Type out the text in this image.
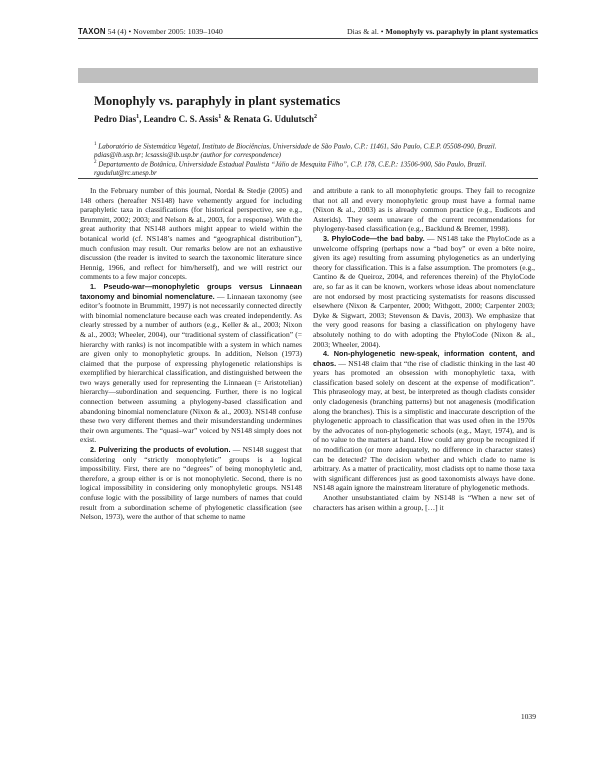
TAXON 54 (4) • November 2005: 1039–1040	Dias & al. • Monophyly vs. paraphyly in plant systematics
Monophyly vs. paraphyly in plant systematics
Pedro Dias$^1$, Leandro C. S. Assis$^1$ & Renata G. Udulutsch$^2$
$^1$ Laboratório de Sistemática Vegetal, Instituto de Biociências, Universidade de São Paulo, C.P.: 11461, São Paulo, C.E.P. 05508-090, Brazil. pdias@ib.usp.br; lcsassis@ib.usp.br (author for correspondence)
$^2$ Departamento de Botânica, Universidade Estadual Paulista “Júlio de Mesquita Filho”, C.P. 178, C.E.P.: 13506-900, São Paulo, Brazil. rgudulut@rc.unesp.br

In the February number of this journal, Nordal & Stedje (2005) and 148 others (hereafter NS148) have vehemently argued for including paraphyletic taxa in classifications (for historical perspective, see e.g., Brummitt, 2002; 2003; and Nelson & al., 2003, for a response). With the great authority that NS148 authors might appear to wield within the botanical world (cf. NS148’s names and “geographical distribution”), much confusion may result. Our remarks below are not an exhaustive discussion (the reader is invited to search the taxonomic literature since Hennig, 1966, and reflect for him/herself), and we will restrict our comments to a few major concepts.

1. Pseudo-war—monophyletic groups versus Linnaean taxonomy and binomial nomenclature. — Linnaean taxonomy (see editor’s footnote in Brummitt, 1997) is not necessarily connected directly with binomial nomenclature because each was created independently. As clearly stressed by a number of authors (e.g., Keller & al., 2003; Nixon & al., 2003; Wheeler, 2004), our “traditional system of classification” (= hierarchy with ranks) is not incompatible with a system in which names are given only to monophyletic groups. In addition, Nelson (1973) claimed that the purpose of expressing phylogenetic relationships is exemplified by hierarchical classification, and distinguished between the two ways generally used for representing the Linnaean (= Aristotelian) hierarchy—subordination and sequencing. Further, there is no logical connection between assuming a phylogeny-based classification and abandoning binomial nomenclature (Nixon & al., 2003). NS148 confuse these two very different themes and their misunderstanding undermines their own arguments. The “quasi–war” voiced by NS148 simply does not exist.

2. Pulverizing the products of evolution. — NS148 suggest that considering only “strictly monophyletic” groups is a logical impossibility. First, there are no “degrees” of being monophyletic and, therefore, a group either is or is not monophyletic. Second, there is no logical impossibility in considering only monophyletic groups. NS148 confuse logic with the possibility of large numbers of names that could result from a subordination scheme of phylogenetic classification (see Nelson, 1973), were the author of that scheme to name

and attribute a rank to all monophyletic groups. They fail to recognize that not all and every monophyletic group must have a formal name (Nixon & al., 2003) as is already common practice (e.g., Eudicots and Asterids). They seem unaware of the current recommendations for phylogeny-based classification (e.g., Backlund & Bremer, 1998).

3. PhyloCode—the bad baby. — NS148 take the PhyloCode as a unwelcome offspring (perhaps now a “bad boy” or even a bête noire, given its age) resulting from assuming phylogenetics as an underlying theory for classification. This is a false assumption. The promoters (e.g., Cantino & de Queiroz, 2004, and references therein) of the PhyloCode are, so far as it can be known, workers whose ideas about nomenclature are not endorsed by most practicing systematists for reasons discussed elsewhere (Nixon & Carpenter, 2000; Withgott, 2000; Carpenter 2003; Dyke & Sigwart, 2003; Stevenson & Davis, 2003). We emphasize that the very good reasons for basing a classification on phylogeny have absolutely nothing to do with adopting the PhyloCode (Nixon & al., 2003; Wheeler, 2004).

4. Non-phylogenetic new-speak, information content, and chaos. — NS148 claim that “the rise of cladistic thinking in the last 40 years has promoted an obsession with monophyletic taxa, with classification based solely on descent at the expense of modification”. This phraseology may, at best, be interpreted as though cladists consider only cladogenesis (branching patterns) but not anagenesis (modification along the branches). This is a simplistic and inaccurate description of the phylogenetic approach to classification that was used often in the 1970s by the advocates of non-phylogenetic schools (e.g., Mayr, 1974), and is of no value to the matters at hand. How could any group be recognized if no modification (or more adequately, no difference in character states) can be detected? The decision whether and which clade to name is arbitrary. As a matter of practicality, most cladists opt to name those taxa with significant differences just as good taxonomists always have done. NS148 again ignore the mainstream literature of phylogenetic methods.

Another unsubstantiated claim by NS148 is “When a new set of characters has arisen within a group, […] it

1039
